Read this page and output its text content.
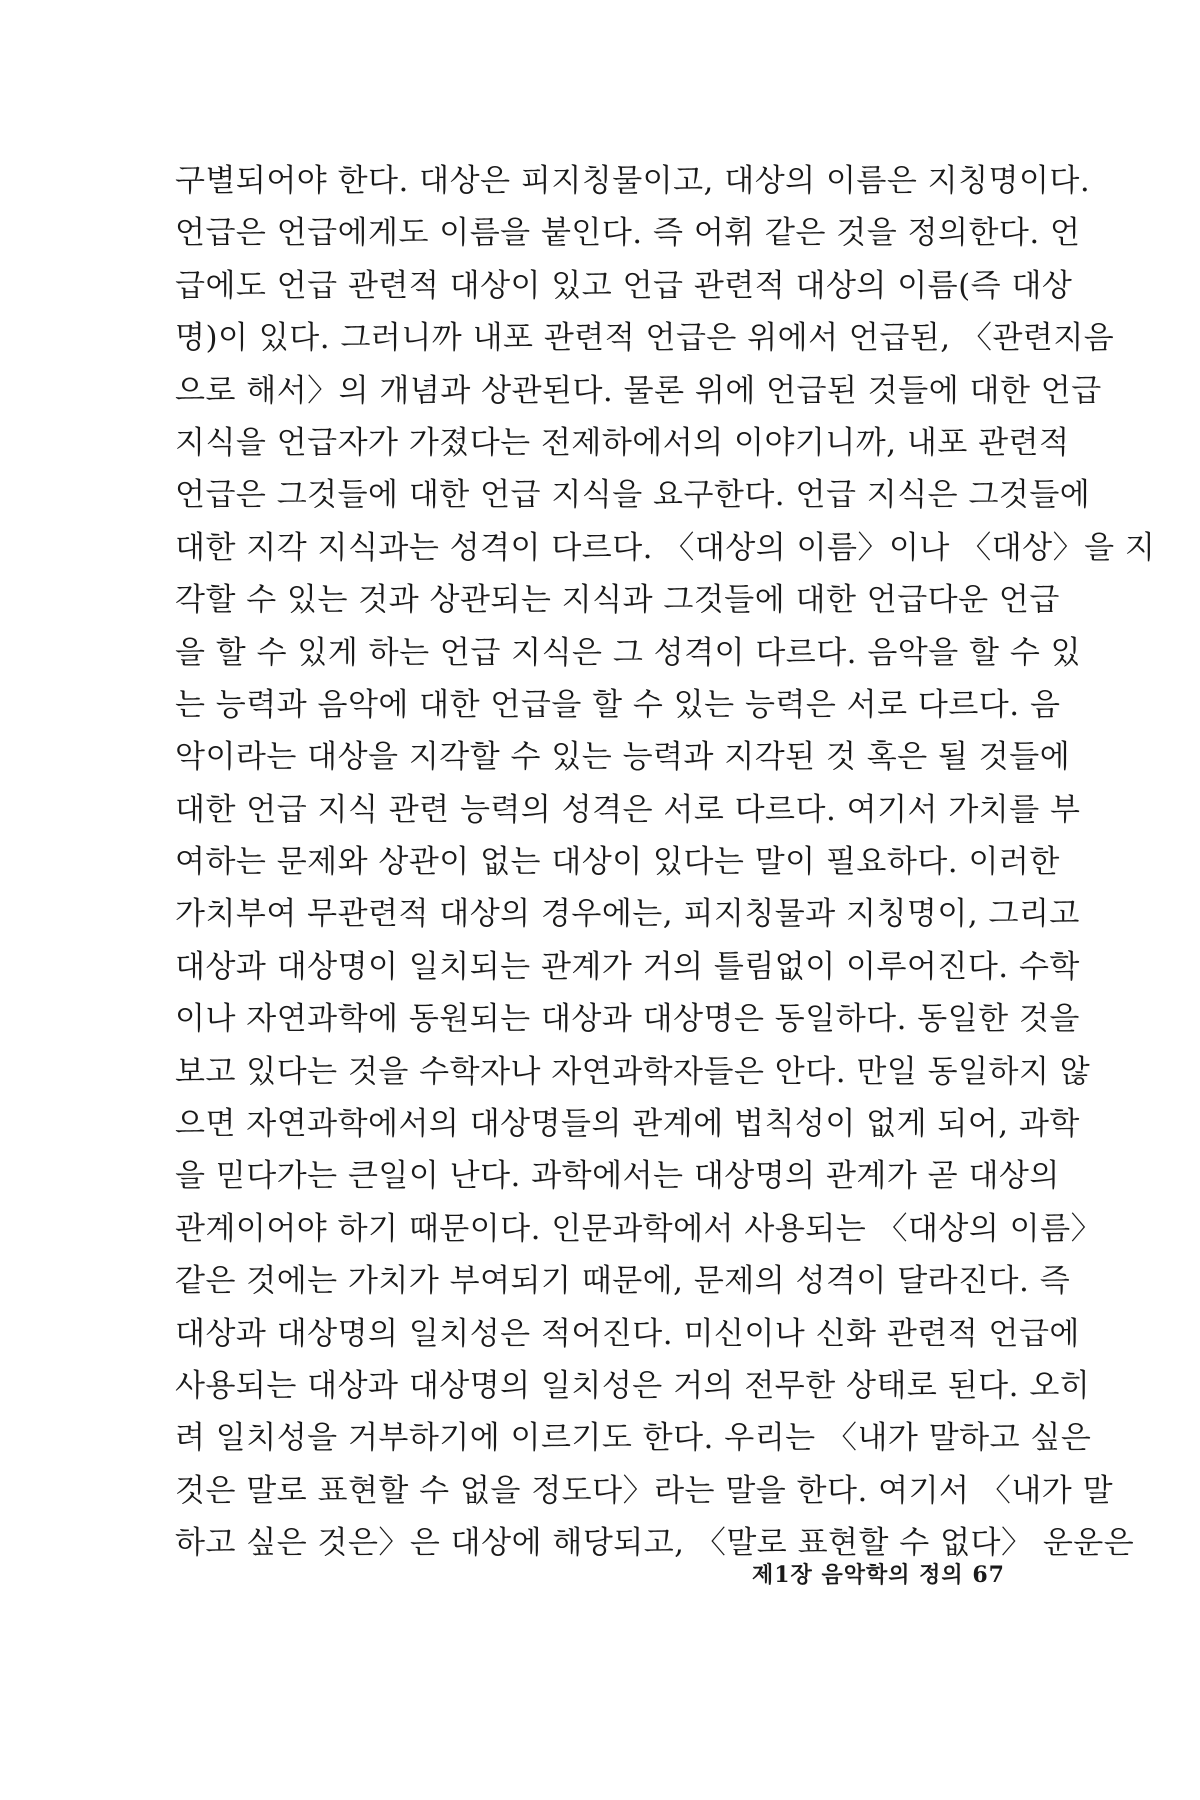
구별되어야 한다. 대상은 피지칭물이고, 대상의 이름은 지칭명이다.
언급은 언급에게도 이름을 붙인다. 즉 어휘 같은 것을 정의한다. 언
급에도 언급 관련적 대상이 있고 언급 관련적 대상의 이름(즉 대상
명)이 있다. 그러니까 내포 관련적 언급은 위에서 언급된, 〈관련지음
으로 해서〉의 개념과 상관된다. 물론 위에 언급된 것들에 대한 언급
지식을 언급자가 가졌다는 전제하에서의 이야기니까, 내포 관련적
언급은 그것들에 대한 언급 지식을 요구한다. 언급 지식은 그것들에
대한 지각 지식과는 성격이 다르다. 〈대상의 이름〉이나 〈대상〉을 지
각할 수 있는 것과 상관되는 지식과 그것들에 대한 언급다운 언급
을 할 수 있게 하는 언급 지식은 그 성격이 다르다. 음악을 할 수 있
는 능력과 음악에 대한 언급을 할 수 있는 능력은 서로 다르다. 음
악이라는 대상을 지각할 수 있는 능력과 지각된 것 혹은 될 것들에
대한 언급 지식 관련 능력의 성격은 서로 다르다. 여기서 가치를 부
여하는 문제와 상관이 없는 대상이 있다는 말이 필요하다. 이러한
가치부여 무관련적 대상의 경우에는, 피지칭물과 지칭명이, 그리고
대상과 대상명이 일치되는 관계가 거의 틀림없이 이루어진다. 수학
이나 자연과학에 동원되는 대상과 대상명은 동일하다. 동일한 것을
보고 있다는 것을 수학자나 자연과학자들은 안다. 만일 동일하지 않
으면 자연과학에서의 대상명들의 관계에 법칙성이 없게 되어, 과학
을 믿다가는 큰일이 난다. 과학에서는 대상명의 관계가 곧 대상의
관계이어야 하기 때문이다. 인문과학에서 사용되는 〈대상의 이름〉
같은 것에는 가치가 부여되기 때문에, 문제의 성격이 달라진다. 즉
대상과 대상명의 일치성은 적어진다. 미신이나 신화 관련적 언급에
사용되는 대상과 대상명의 일치성은 거의 전무한 상태로 된다. 오히
려 일치성을 거부하기에 이르기도 한다. 우리는 〈내가 말하고 싶은
것은 말로 표현할 수 없을 정도다〉라는 말을 한다. 여기서 〈내가 말
하고 싶은 것은〉은 대상에 해당되고, 〈말로 표현할 수 없다〉 운운은
제1장 음악학의 정의 67
